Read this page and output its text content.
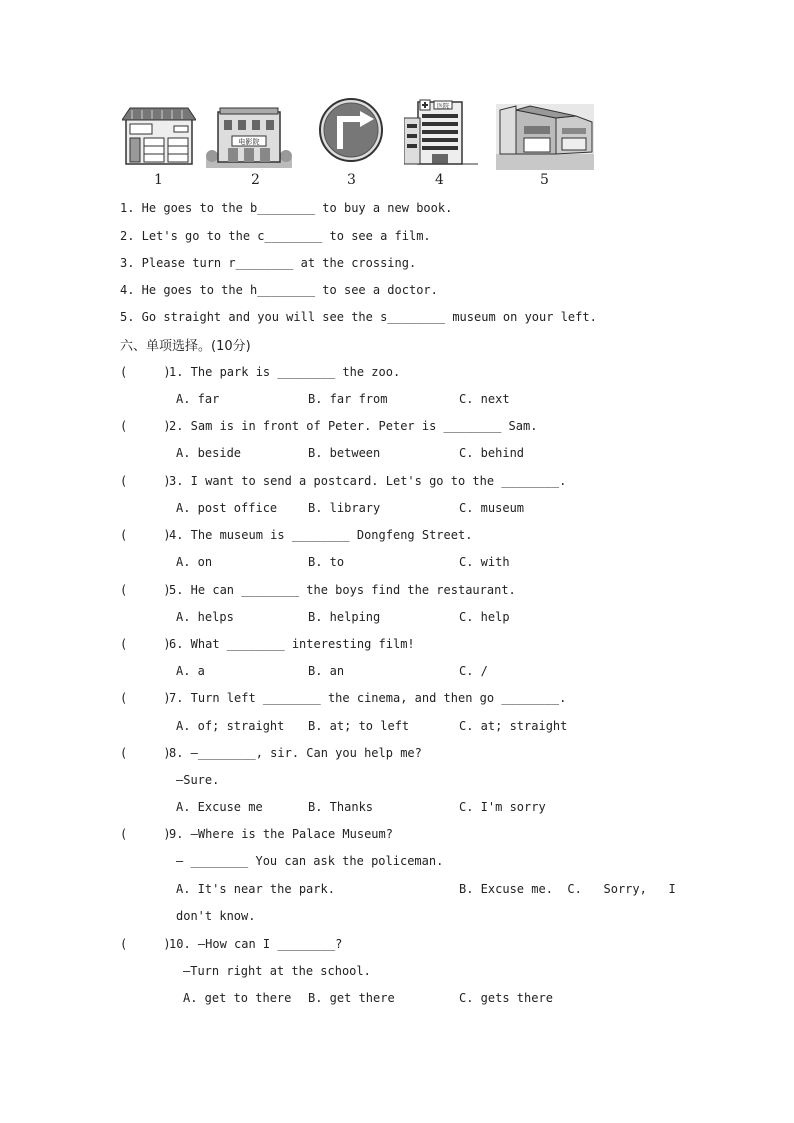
1
电影院
2	3
医院
4	5
1. He goes to the b________ to buy a new book.
2. Let's go to the c________ to see a film.
3. Please turn r________ at the crossing.
4. He goes to the h________ to see a doctor.
5. Go straight and you will see the s________ museum on your left.
六、单项选择。(10分)
(     )
1. The park is ________ the zoo.
A. far	B. far from	C. next
(     )
2. Sam is in front of Peter. Peter is ________ Sam.
A. beside	B. between	C. behind
(     )
3. I want to send a postcard. Let's go to the ________.
A. post office	B. library	C. museum
(     )
4. The museum is ________ Dongfeng Street.
A. on	B. to	C. with
(     )
5. He can ________ the boys find the restaurant.
A. helps	B. helping	C. help
(     )
6. What ________ interesting film!
A. a	B. an	C. /
(     )
7. Turn left ________ the cinema, and then go ________.
A. of; straight B. at; to left	C. at; straight
(     )
8. —________, sir. Can you help me?
—Sure.
A. Excuse me	B. Thanks	C. I'm sorry
(     )
9. —Where is the Palace Museum?
— ________ You can ask the policeman.
A. It's near the park.	B. Excuse me.  C.   Sorry,   I
don't know.
(     )
10. —How can I ________?
—Turn right at the school.
A. get to there B. get there	C. gets there
